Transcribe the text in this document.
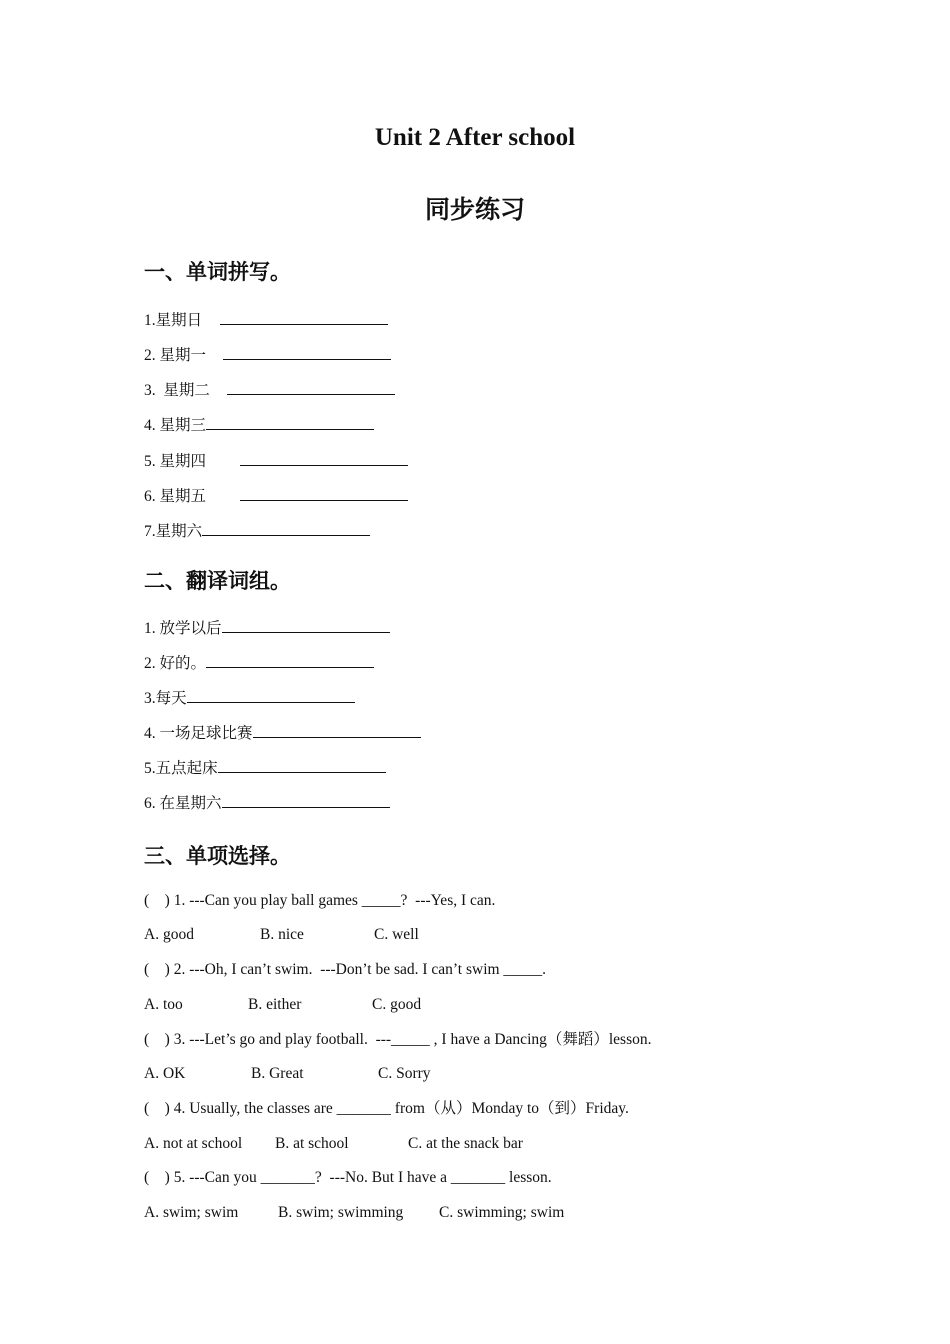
Unit 2 After school
同步练习
一、单词拼写。
1.星期日
2. 星期一
3.  星期二
4. 星期三
5. 星期四
6. 星期五
7.星期六
二、翻译词组。
1. 放学以后
2. 好的。
3.每天
4. 一场足球比赛
5.五点起床
6. 在星期六
三、单项选择。
(    ) 1. ---Can you play ball games _____?  ---Yes, I can.
A. good	B. nice	C. well
(    ) 2. ---Oh, I can’t swim.  ---Don’t be sad. I can’t swim _____.
A. too	B. either	C. good
(    ) 3. ---Let’s go and play football.  ---_____ , I have a Dancing（舞蹈）lesson.
A. OK	B. Great	C. Sorry
(    ) 4. Usually, the classes are _______ from（从）Monday to（到）Friday.
A. not at school B. at school	C. at the snack bar
(    ) 5. ---Can you _______?  ---No. But I have a _______ lesson.
A. swim; swim	B. swim; swimming C. swimming; swim
